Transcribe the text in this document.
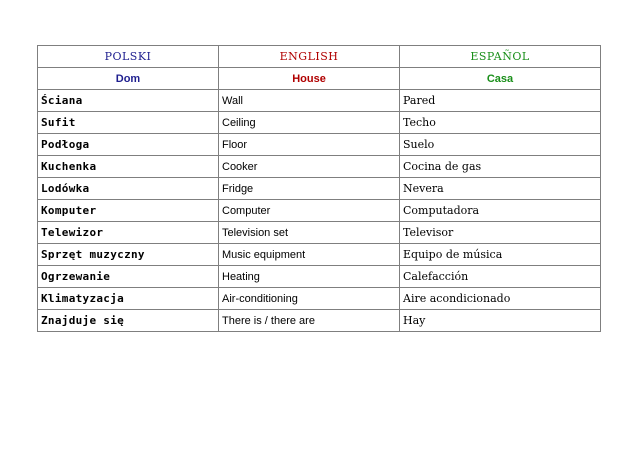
POLSKI	ENGLISH	ESPAÑOL
Dom	House	Casa
Ściana	Wall	Pared
Sufit	Ceiling	Techo
Podłoga	Floor	Suelo
Kuchenka	Cooker	Cocina de gas
Lodówka	Fridge	Nevera
Komputer	Computer	Computadora
Telewizor	Television set	Televisor
Sprzęt muzyczny	Music equipment	Equipo de música
Ogrzewanie	Heating	Calefacción
Klimatyzacja	Air-conditioning	Aire acondicionado
Znajduje się	There is / there are	Hay
